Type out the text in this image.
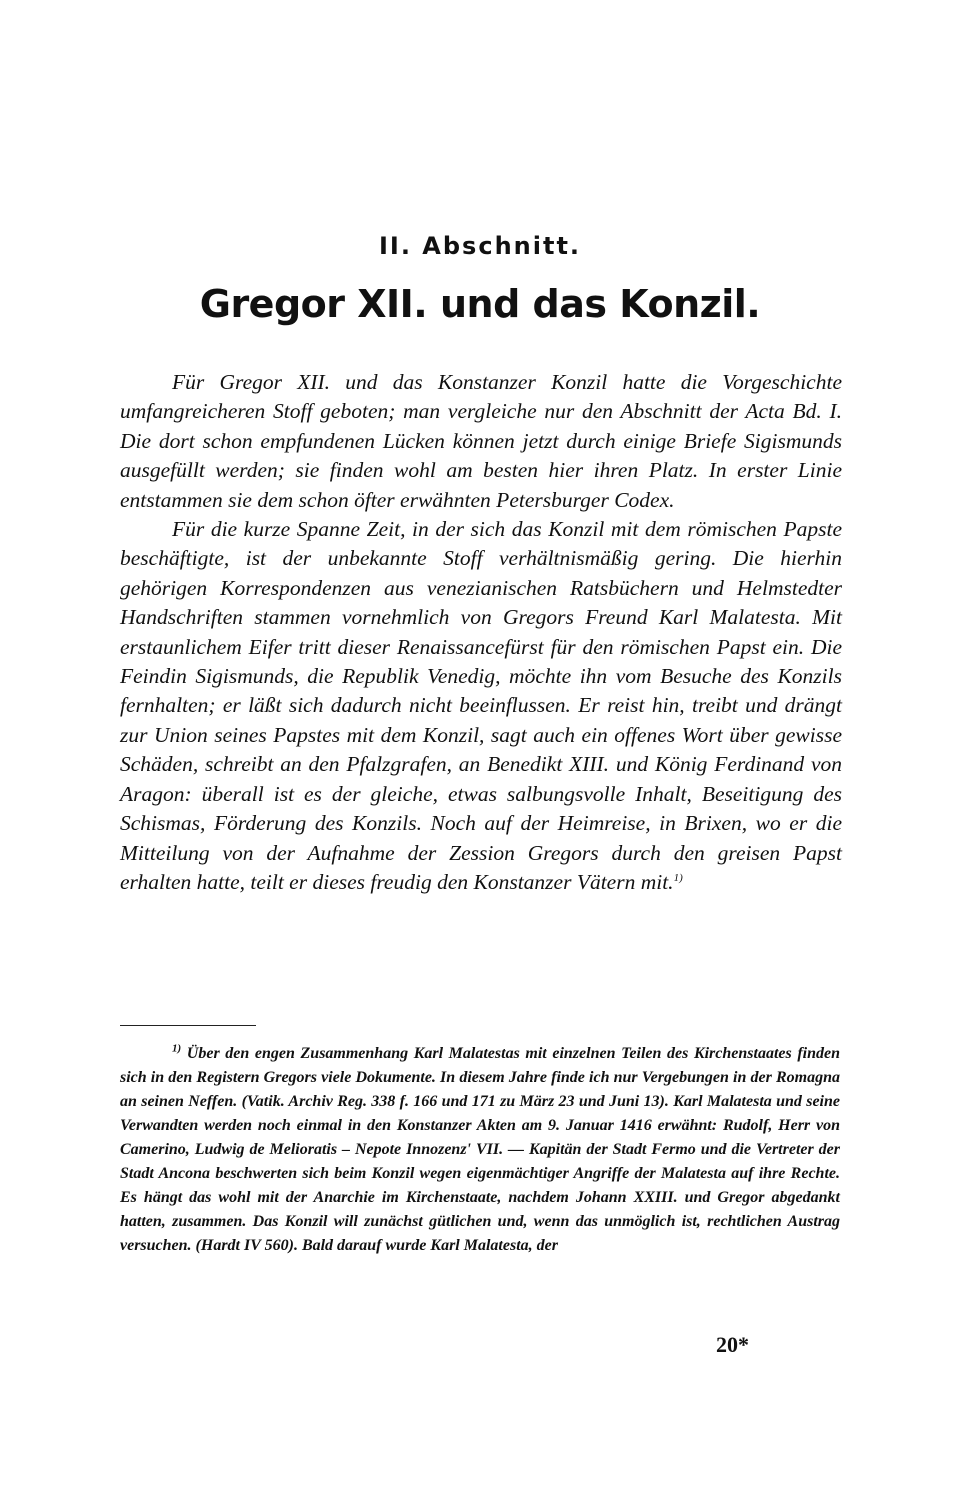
II. Abschnitt.
Gregor XII. und das Konzil.

Für Gregor XII. und das Konstanzer Konzil hatte die Vorgeschichte umfangreicheren Stoff geboten; man vergleiche nur den Abschnitt der Acta Bd. I. Die dort schon empfundenen Lücken können jetzt durch einige Briefe Sigismunds ausgefüllt werden; sie finden wohl am besten hier ihren Platz. In erster Linie entstammen sie dem schon öfter erwähnten Petersburger Codex.

Für die kurze Spanne Zeit, in der sich das Konzil mit dem römischen Papste beschäftigte, ist der unbekannte Stoff verhältnismäßig gering. Die hierhin gehörigen Korrespondenzen aus venezianischen Ratsbüchern und Helmstedter Handschriften stammen vornehmlich von Gregors Freund Karl Malatesta. Mit erstaunlichem Eifer tritt dieser Renaissancefürst für den römischen Papst ein. Die Feindin Sigismunds, die Republik Venedig, möchte ihn vom Besuche des Konzils fernhalten; er läßt sich dadurch nicht beeinflussen. Er reist hin, treibt und drängt zur Union seines Papstes mit dem Konzil, sagt auch ein offenes Wort über gewisse Schäden, schreibt an den Pfalzgrafen, an Benedikt XIII. und König Ferdinand von Aragon: überall ist es der gleiche, etwas salbungsvolle Inhalt, Beseitigung des Schismas, Förderung des Konzils. Noch auf der Heimreise, in Brixen, wo er die Mitteilung von der Aufnahme der Zession Gregors durch den greisen Papst erhalten hatte, teilt er dieses freudig den Konstanzer Vätern mit.$^{1)}$

$^{1)}$ Über den engen Zusammenhang Karl Malatestas mit einzelnen Teilen des Kirchenstaates finden sich in den Registern Gregors viele Dokumente. In diesem Jahre finde ich nur Vergebungen in der Romagna an seinen Neffen. (Vatik. Archiv Reg. 338 f. 166 und 171 zu März 23 und Juni 13). Karl Malatesta und seine Verwandten werden noch einmal in den Konstanzer Akten am 9. Januar 1416 erwähnt: Rudolf, Herr von Camerino, Ludwig de Melioratis – Nepote Innozenz' VII. — Kapitän der Stadt Fermo und die Vertreter der Stadt Ancona beschwerten sich beim Konzil wegen eigenmächtiger Angriffe der Malatesta auf ihre Rechte. Es hängt das wohl mit der Anarchie im Kirchenstaate, nachdem Johann XXIII. und Gregor abgedankt hatten, zusammen. Das Konzil will zunächst gütlichen und, wenn das unmöglich ist, rechtlichen Austrag versuchen. (Hardt IV 560). Bald darauf wurde Karl Malatesta, der
20*
